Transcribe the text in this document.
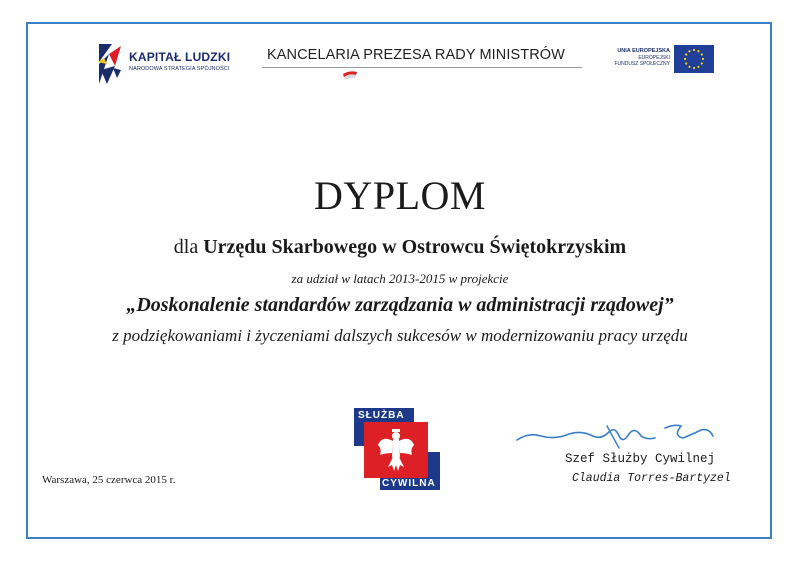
KAPITAŁ LUDZKI
NARODOWA STRATEGIA SPÓJNOŚCI
KANCELARIA PREZESA RADY MINISTRÓW	UNIA EUROPEJSKA
EUROPEJSKI
FUNDUSZ SPOŁECZNY
DYPLOM
dla Urzędu Skarbowego w Ostrowcu Świętokrzyskim
za udział w latach 2013-2015 w projekcie
„Doskonalenie standardów zarządzania w administracji rządowej”
z podziękowaniami i życzeniami dalszych sukcesów w modernizowaniu pracy urzędu
Warszawa, 25 czerwca 2015 r.
SŁUŻBA
CYWILNA
Szef Służby Cywilnej
Claudia Torres-Bartyzel
